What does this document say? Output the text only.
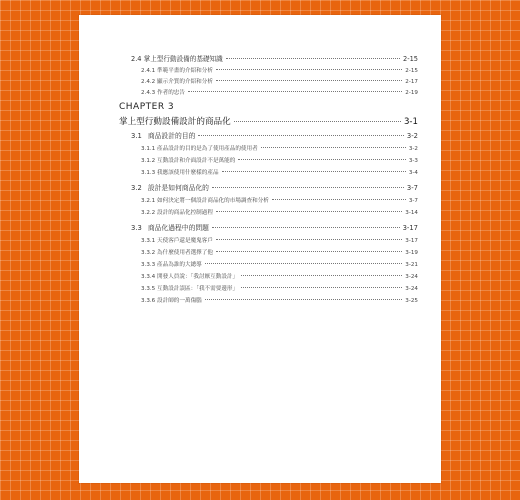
2.4 掌上型行動設備的基礎知識	2-15
2.4.1 準範平畫的介紹和分析	2-15
2.4.2 顯示介質的介紹和分析	2-17
2.4.3 作者的忠告	2-19
CHAPTER 3
掌上型行動設備設計的商品化	3-1
3.1 商品設計的目的	3-2
3.1.1 產品設計的目的是為了使用產品的使用者	3-2
3.1.2 互動設計和介面設計不是萬能的	3-3
3.1.3 我應該使用什麼樣的產品	3-4
3.2 設計是如何商品化的	3-7
3.2.1 如何決定將一個設計商品化的市場調查和分析	3-7
3.2.2 設計的商品化控制過程	3-14
3.3 商品化過程中的問題	3-17
3.3.1 天使客戶還是魔鬼客戶	3-17
3.3.2 為什麼使用者選擇了他	3-19
3.3.3 產品為誰的大總導	3-21
3.3.4 開發人員說：「我討厭互動設計」	3-24
3.3.5 互動設計誤區：「我不需要邊形」	3-24
3.3.6 設計師的一萬傷腦	3-25
